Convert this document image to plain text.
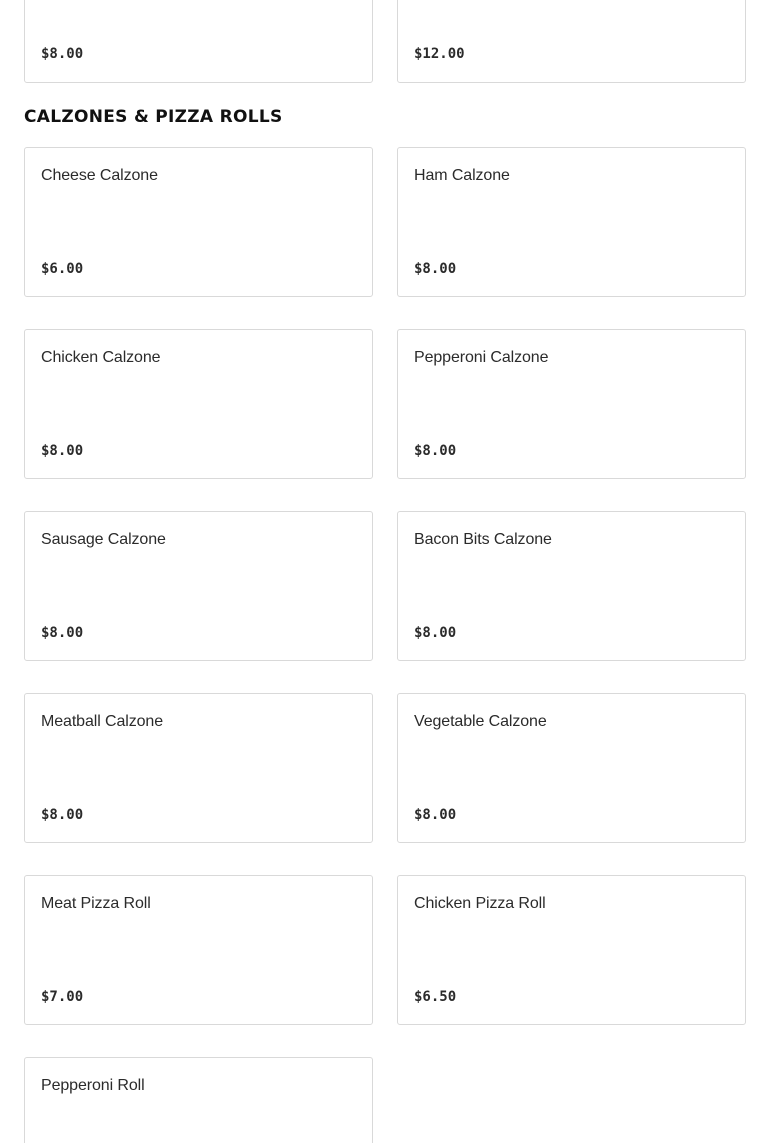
$8.00	$12.00
CALZONES & PIZZA ROLLS
Cheese Calzone
$6.00
Ham Calzone
$8.00
Chicken Calzone
$8.00
Pepperoni Calzone
$8.00
Sausage Calzone
$8.00
Bacon Bits Calzone
$8.00
Meatball Calzone
$8.00
Vegetable Calzone
$8.00
Meat Pizza Roll
$7.00
Chicken Pizza Roll
$6.50
Pepperoni Roll
